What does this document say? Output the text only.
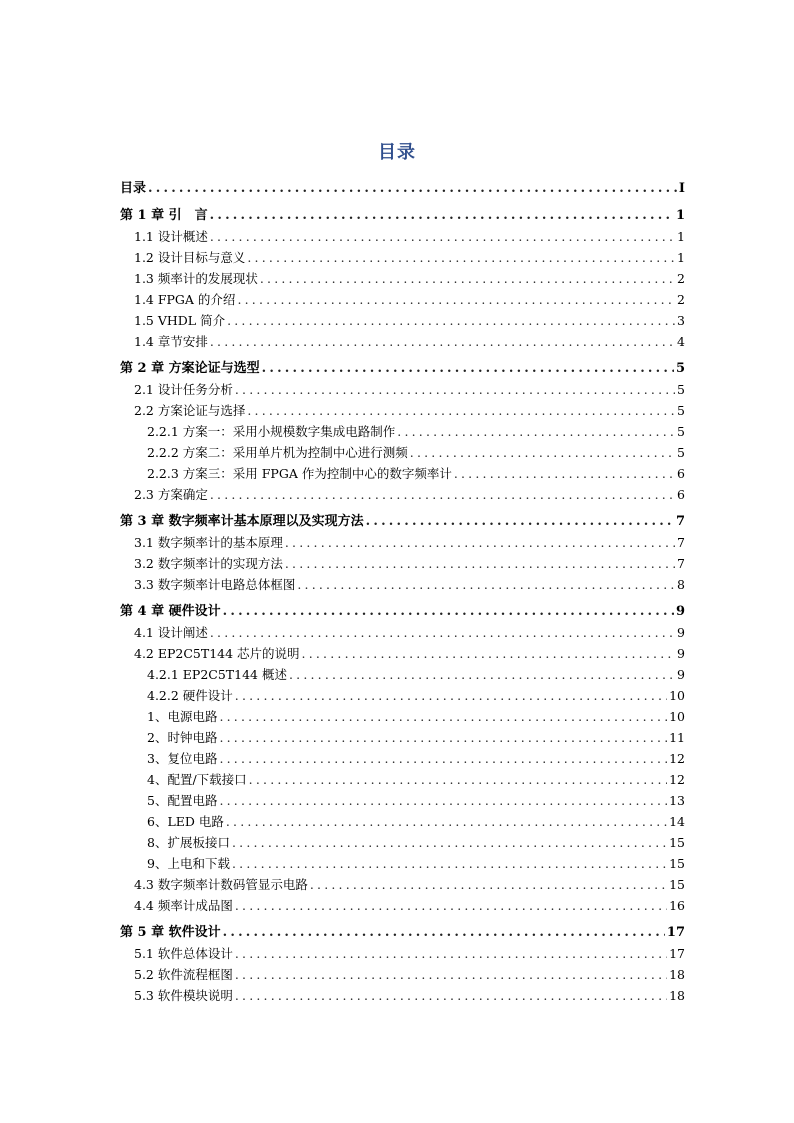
目录
目录 .....	I
第 1 章 引　言 .....	1
1.1 设计概述 .....	1
1.2 设计目标与意义 .....	1
1.3 频率计的发展现状 .....	2
1.4 FPGA 的介绍 .....	2
1.5 VHDL 简介 .....	3
1.4 章节安排 .....	4
第 2 章 方案论证与选型 .....	5
2.1 设计任务分析 .....	5
2.2 方案论证与选择 .....	5
2.2.1 方案一：采用小规模数字集成电路制作 .....	5
2.2.2 方案二：采用单片机为控制中心进行测频 .....	5
2.2.3 方案三：采用 FPGA 作为控制中心的数字频率计 .....	6
2.3 方案确定 .....	6
第 3 章 数字频率计基本原理以及实现方法 .....	7
3.1 数字频率计的基本原理 .....	7
3.2 数字频率计的实现方法 .....	7
3.3 数字频率计电路总体框图 .....	8
第 4 章 硬件设计 .....	9
4.1 设计阐述 .....	9
4.2 EP2C5T144 芯片的说明 .....	9
4.2.1 EP2C5T144 概述 .....	9
4.2.2 硬件设计 .....	10
1、电源电路 .....	10
2、时钟电路 .....	11
3、复位电路 .....	12
4、配置/下载接口 .....	12
5、配置电路 .....	13
6、LED 电路 .....	14
8、扩展板接口 .....	15
9、上电和下载 .....	15
4.3 数字频率计数码管显示电路 .....	15
4.4 频率计成品图 .....	16
第 5 章 软件设计 .....	17
5.1 软件总体设计 .....	17
5.2 软件流程框图 .....	18
5.3 软件模块说明 .....	18
